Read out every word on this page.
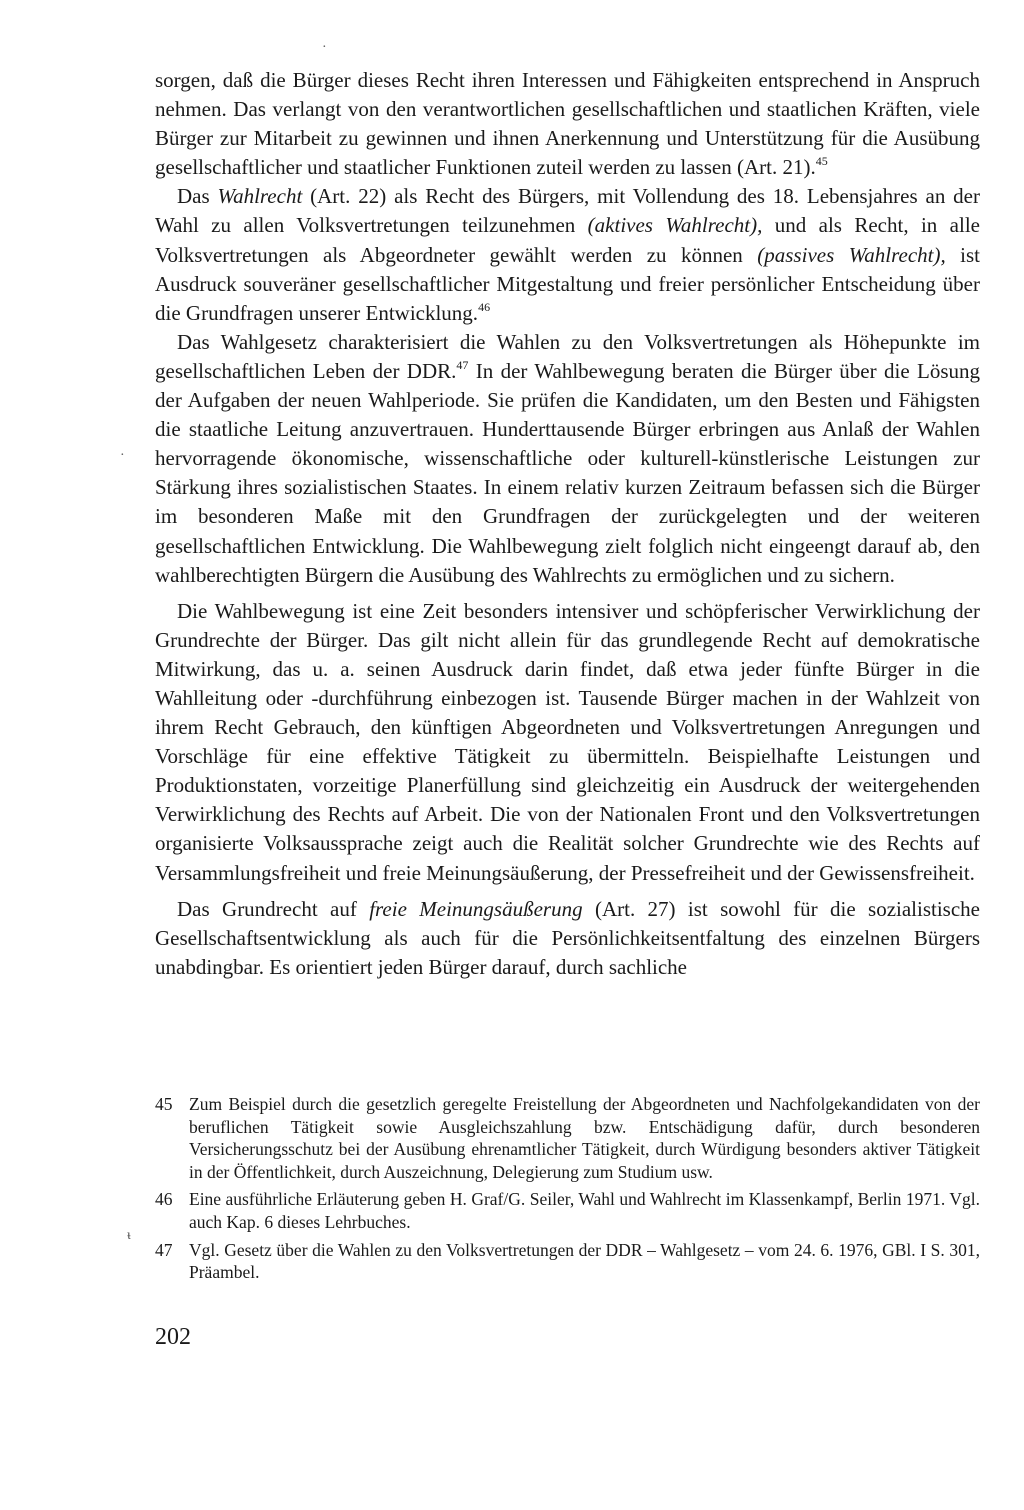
sorgen, daß die Bürger dieses Recht ihren Interessen und Fähigkeiten entsprechend in Anspruch nehmen. Das verlangt von den verantwortlichen gesellschaftlichen und staatlichen Kräften, viele Bürger zur Mitarbeit zu gewinnen und ihnen Anerkennung und Unterstützung für die Ausübung gesellschaftlicher und staatlicher Funktionen zuteil werden zu lassen (Art. 21).$^{45}$

Das Wahlrecht (Art. 22) als Recht des Bürgers, mit Vollendung des 18. Lebensjahres an der Wahl zu allen Volksvertretungen teilzunehmen (aktives Wahlrecht), und als Recht, in alle Volksvertretungen als Abgeordneter gewählt werden zu können (passives Wahlrecht), ist Ausdruck souveräner gesellschaftlicher Mitgestaltung und freier persönlicher Entscheidung über die Grundfragen unserer Entwicklung.$^{46}$

Das Wahlgesetz charakterisiert die Wahlen zu den Volksvertretungen als Höhepunkte im gesellschaftlichen Leben der DDR.$^{47}$ In der Wahlbewegung beraten die Bürger über die Lösung der Aufgaben der neuen Wahlperiode. Sie prüfen die Kandidaten, um den Besten und Fähigsten die staatliche Leitung anzuvertrauen. Hunderttausende Bürger erbringen aus Anlaß der Wahlen hervorragende ökonomische, wissenschaftliche oder kulturell-künstlerische Leistungen zur Stärkung ihres sozialistischen Staates. In einem relativ kurzen Zeitraum befassen sich die Bürger im besonderen Maße mit den Grundfragen der zurückgelegten und der weiteren gesellschaftlichen Entwicklung. Die Wahlbewegung zielt folglich nicht eingeengt darauf ab, den wahlberechtigten Bürgern die Ausübung des Wahlrechts zu ermöglichen und zu sichern.

Die Wahlbewegung ist eine Zeit besonders intensiver und schöpferischer Verwirklichung der Grundrechte der Bürger. Das gilt nicht allein für das grundlegende Recht auf demokratische Mitwirkung, das u. a. seinen Ausdruck darin findet, daß etwa jeder fünfte Bürger in die Wahlleitung oder -durchführung einbezogen ist. Tausende Bürger machen in der Wahlzeit von ihrem Recht Gebrauch, den künftigen Abgeordneten und Volksvertretungen Anregungen und Vorschläge für eine effektive Tätigkeit zu übermitteln. Beispielhafte Leistungen und Produktionstaten, vorzeitige Planerfüllung sind gleichzeitig ein Ausdruck der weitergehenden Verwirklichung des Rechts auf Arbeit. Die von der Nationalen Front und den Volksvertretungen organisierte Volksaussprache zeigt auch die Realität solcher Grundrechte wie des Rechts auf Versammlungsfreiheit und freie Meinungsäußerung, der Pressefreiheit und der Gewissensfreiheit.

Das Grundrecht auf freie Meinungsäußerung (Art. 27) ist sowohl für die sozialistische Gesellschaftsentwicklung als auch für die Persönlichkeitsentfaltung des einzelnen Bürgers unabdingbar. Es orientiert jeden Bürger darauf, durch sachliche

45 Zum Beispiel durch die gesetzlich geregelte Freistellung der Abgeordneten und Nachfolgekandidaten von der beruflichen Tätigkeit sowie Ausgleichszahlung bzw. Entschädigung dafür, durch besonderen Versicherungsschutz bei der Ausübung ehrenamtlicher Tätigkeit, durch Würdigung besonders aktiver Tätigkeit in der Öffentlichkeit, durch Auszeichnung, Delegierung zum Studium usw.
46 Eine ausführliche Erläuterung geben H. Graf/G. Seiler, Wahl und Wahlrecht im Klassenkampf, Berlin 1971. Vgl. auch Kap. 6 dieses Lehrbuches.
47 Vgl. Gesetz über die Wahlen zu den Volksvertretungen der DDR – Wahlgesetz – vom 24. 6. 1976, GBl. I S. 301, Präambel.
202
·
·
ᵼ
